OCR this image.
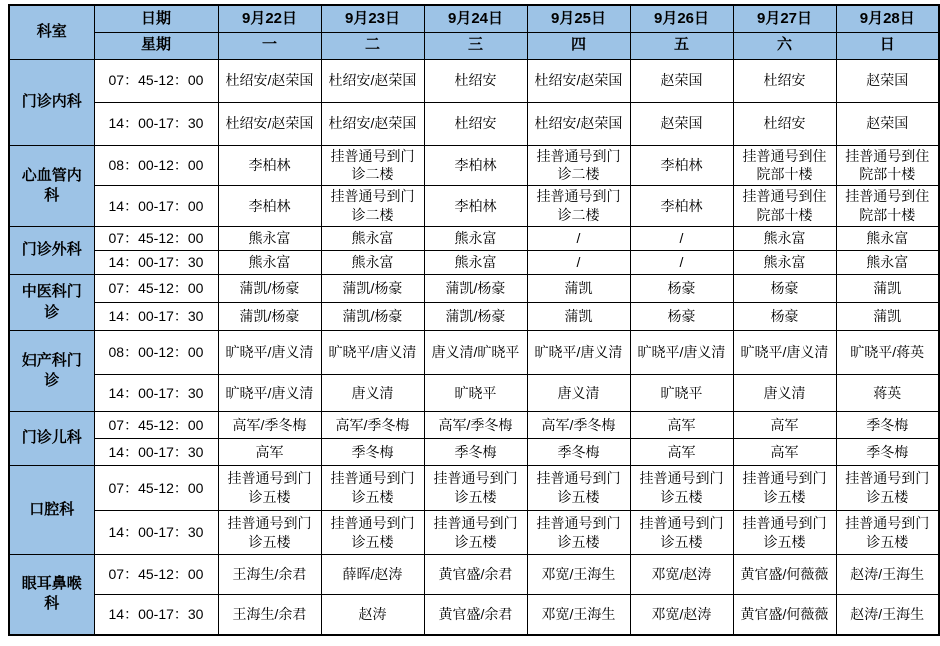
科室	日期	9月22日	9月23日	9月24日	9月25日	9月26日	9月27日	9月28日
	星期	一	二	三	四	五	六	日
门诊内科	07：45-12：00	杜绍安/赵荣国	杜绍安/赵荣国	杜绍安	杜绍安/赵荣国	赵荣国	杜绍安	赵荣国
	14：00-17：30	杜绍安/赵荣国	杜绍安/赵荣国	杜绍安	杜绍安/赵荣国	赵荣国	杜绍安	赵荣国
心血管内科	08：00-12：00	李柏林	挂普通号到门诊二楼	李柏林	挂普通号到门诊二楼	李柏林	挂普通号到住院部十楼	挂普通号到住院部十楼
	14：00-17：00	李柏林	挂普通号到门诊二楼	李柏林	挂普通号到门诊二楼	李柏林	挂普通号到住院部十楼	挂普通号到住院部十楼
门诊外科	07：45-12：00	熊永富	熊永富	熊永富	/	/	熊永富	熊永富
	14：00-17：30	熊永富	熊永富	熊永富	/	/	熊永富	熊永富
中医科门诊	07：45-12：00	蒲凯/杨豪	蒲凯/杨豪	蒲凯/杨豪	蒲凯	杨豪	杨豪	蒲凯
	14：00-17：30	蒲凯/杨豪	蒲凯/杨豪	蒲凯/杨豪	蒲凯	杨豪	杨豪	蒲凯
妇产科门诊	08：00-12：00	旷晓平/唐义清	旷晓平/唐义清	唐义清/旷晓平	旷晓平/唐义清	旷晓平/唐义清	旷晓平/唐义清	旷晓平/蒋英
	14：00-17：30	旷晓平/唐义清	唐义清	旷晓平	唐义清	旷晓平	唐义清	蒋英
门诊儿科	07：45-12：00	高军/季冬梅	高军/季冬梅	高军/季冬梅	高军/季冬梅	高军	高军	季冬梅
	14：00-17：30	高军	季冬梅	季冬梅	季冬梅	高军	高军	季冬梅
口腔科	07：45-12：00	挂普通号到门诊五楼	挂普通号到门诊五楼	挂普通号到门诊五楼	挂普通号到门诊五楼	挂普通号到门诊五楼	挂普通号到门诊五楼	挂普通号到门诊五楼
	14：00-17：30	挂普通号到门诊五楼	挂普通号到门诊五楼	挂普通号到门诊五楼	挂普通号到门诊五楼	挂普通号到门诊五楼	挂普通号到门诊五楼	挂普通号到门诊五楼
眼耳鼻喉科	07：45-12：00	王海生/余君	薛晖/赵涛	黄官盛/余君	邓宽/王海生	邓宽/赵涛	黄官盛/何薇薇	赵涛/王海生
	14：00-17：30	王海生/余君	赵涛	黄官盛/余君	邓宽/王海生	邓宽/赵涛	黄官盛/何薇薇	赵涛/王海生
